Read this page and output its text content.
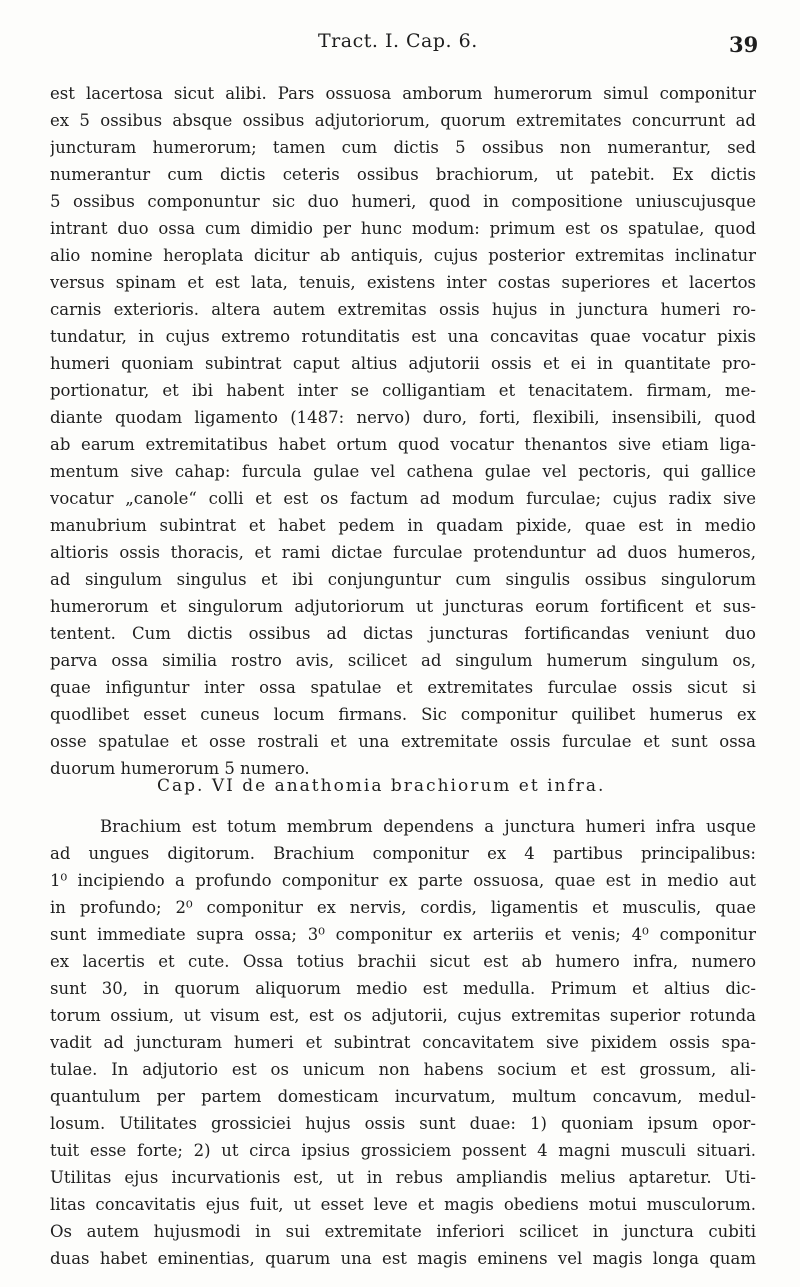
Tract. I. Cap. 6.	39
est lacertosa sicut alibi. Pars ossuosa amborum humerorum simul componitur
ex 5 ossibus absque ossibus adjutoriorum, quorum extremitates concurrunt ad
juncturam humerorum; tamen cum dictis 5 ossibus non numerantur, sed
numerantur cum dictis ceteris ossibus brachiorum, ut patebit. Ex dictis
5 ossibus componuntur sic duo humeri, quod in compositione uniuscujusque
intrant duo ossa cum dimidio per hunc modum: primum est os spatulae, quod
alio nomine heroplata dicitur ab antiquis, cujus posterior extremitas inclinatur
versus spinam et est lata, tenuis, existens inter costas superiores et lacertos
carnis exterioris. altera autem extremitas ossis hujus in junctura humeri ro-
tundatur, in cujus extremo rotunditatis est una concavitas quae vocatur pixis
humeri quoniam subintrat caput altius adjutorii ossis et ei in quantitate pro-
portionatur, et ibi habent inter se colligantiam et tenacitatem. firmam, me-
diante quodam ligamento (1487: nervo) duro, forti, flexibili, insensibili, quod
ab earum extremitatibus habet ortum quod vocatur thenantos sive etiam liga-
mentum sive cahap: furcula gulae vel cathena gulae vel pectoris, qui gallice
vocatur „canole“ colli et est os factum ad modum furculae; cujus radix sive
manubrium subintrat et habet pedem in quadam pixide, quae est in medio
altioris ossis thoracis, et rami dictae furculae protenduntur ad duos humeros,
ad singulum singulus et ibi conjunguntur cum singulis ossibus singulorum
humerorum et singulorum adjutoriorum ut juncturas eorum fortificent et sus-
tentent. Cum dictis ossibus ad dictas juncturas fortificandas veniunt duo
parva ossa similia rostro avis, scilicet ad singulum humerum singulum os,
quae infiguntur inter ossa spatulae et extremitates furculae ossis sicut si
quodlibet esset cuneus locum firmans. Sic componitur quilibet humerus ex
osse spatulae et osse rostrali et una extremitate ossis furculae et sunt ossa
duorum humerorum 5 numero.
Cap. VI de anathomia brachiorum et infra.
Brachium est totum membrum dependens a junctura humeri infra usque
ad ungues digitorum. Brachium componitur ex 4 partibus principalibus:
1⁰ incipiendo a profundo componitur ex parte ossuosa, quae est in medio aut
in profundo; 2⁰ componitur ex nervis, cordis, ligamentis et musculis, quae
sunt immediate supra ossa; 3⁰ componitur ex arteriis et venis; 4⁰ componitur
ex lacertis et cute. Ossa totius brachii sicut est ab humero infra, numero
sunt 30, in quorum aliquorum medio est medulla. Primum et altius dic-
torum ossium, ut visum est, est os adjutorii, cujus extremitas superior rotunda
vadit ad juncturam humeri et subintrat concavitatem sive pixidem ossis spa-
tulae. In adjutorio est os unicum non habens socium et est grossum, ali-
quantulum per partem domesticam incurvatum, multum concavum, medul-
losum. Utilitates grossiciei hujus ossis sunt duae: 1) quoniam ipsum opor-
tuit esse forte; 2) ut circa ipsius grossiciem possent 4 magni musculi situari.
Utilitas ejus incurvationis est, ut in rebus ampliandis melius aptaretur. Uti-
litas concavitatis ejus fuit, ut esset leve et magis obediens motui musculorum.
Os autem hujusmodi in sui extremitate inferiori scilicet in junctura cubiti
duas habet eminentias, quarum una est magis eminens vel magis longa quam
